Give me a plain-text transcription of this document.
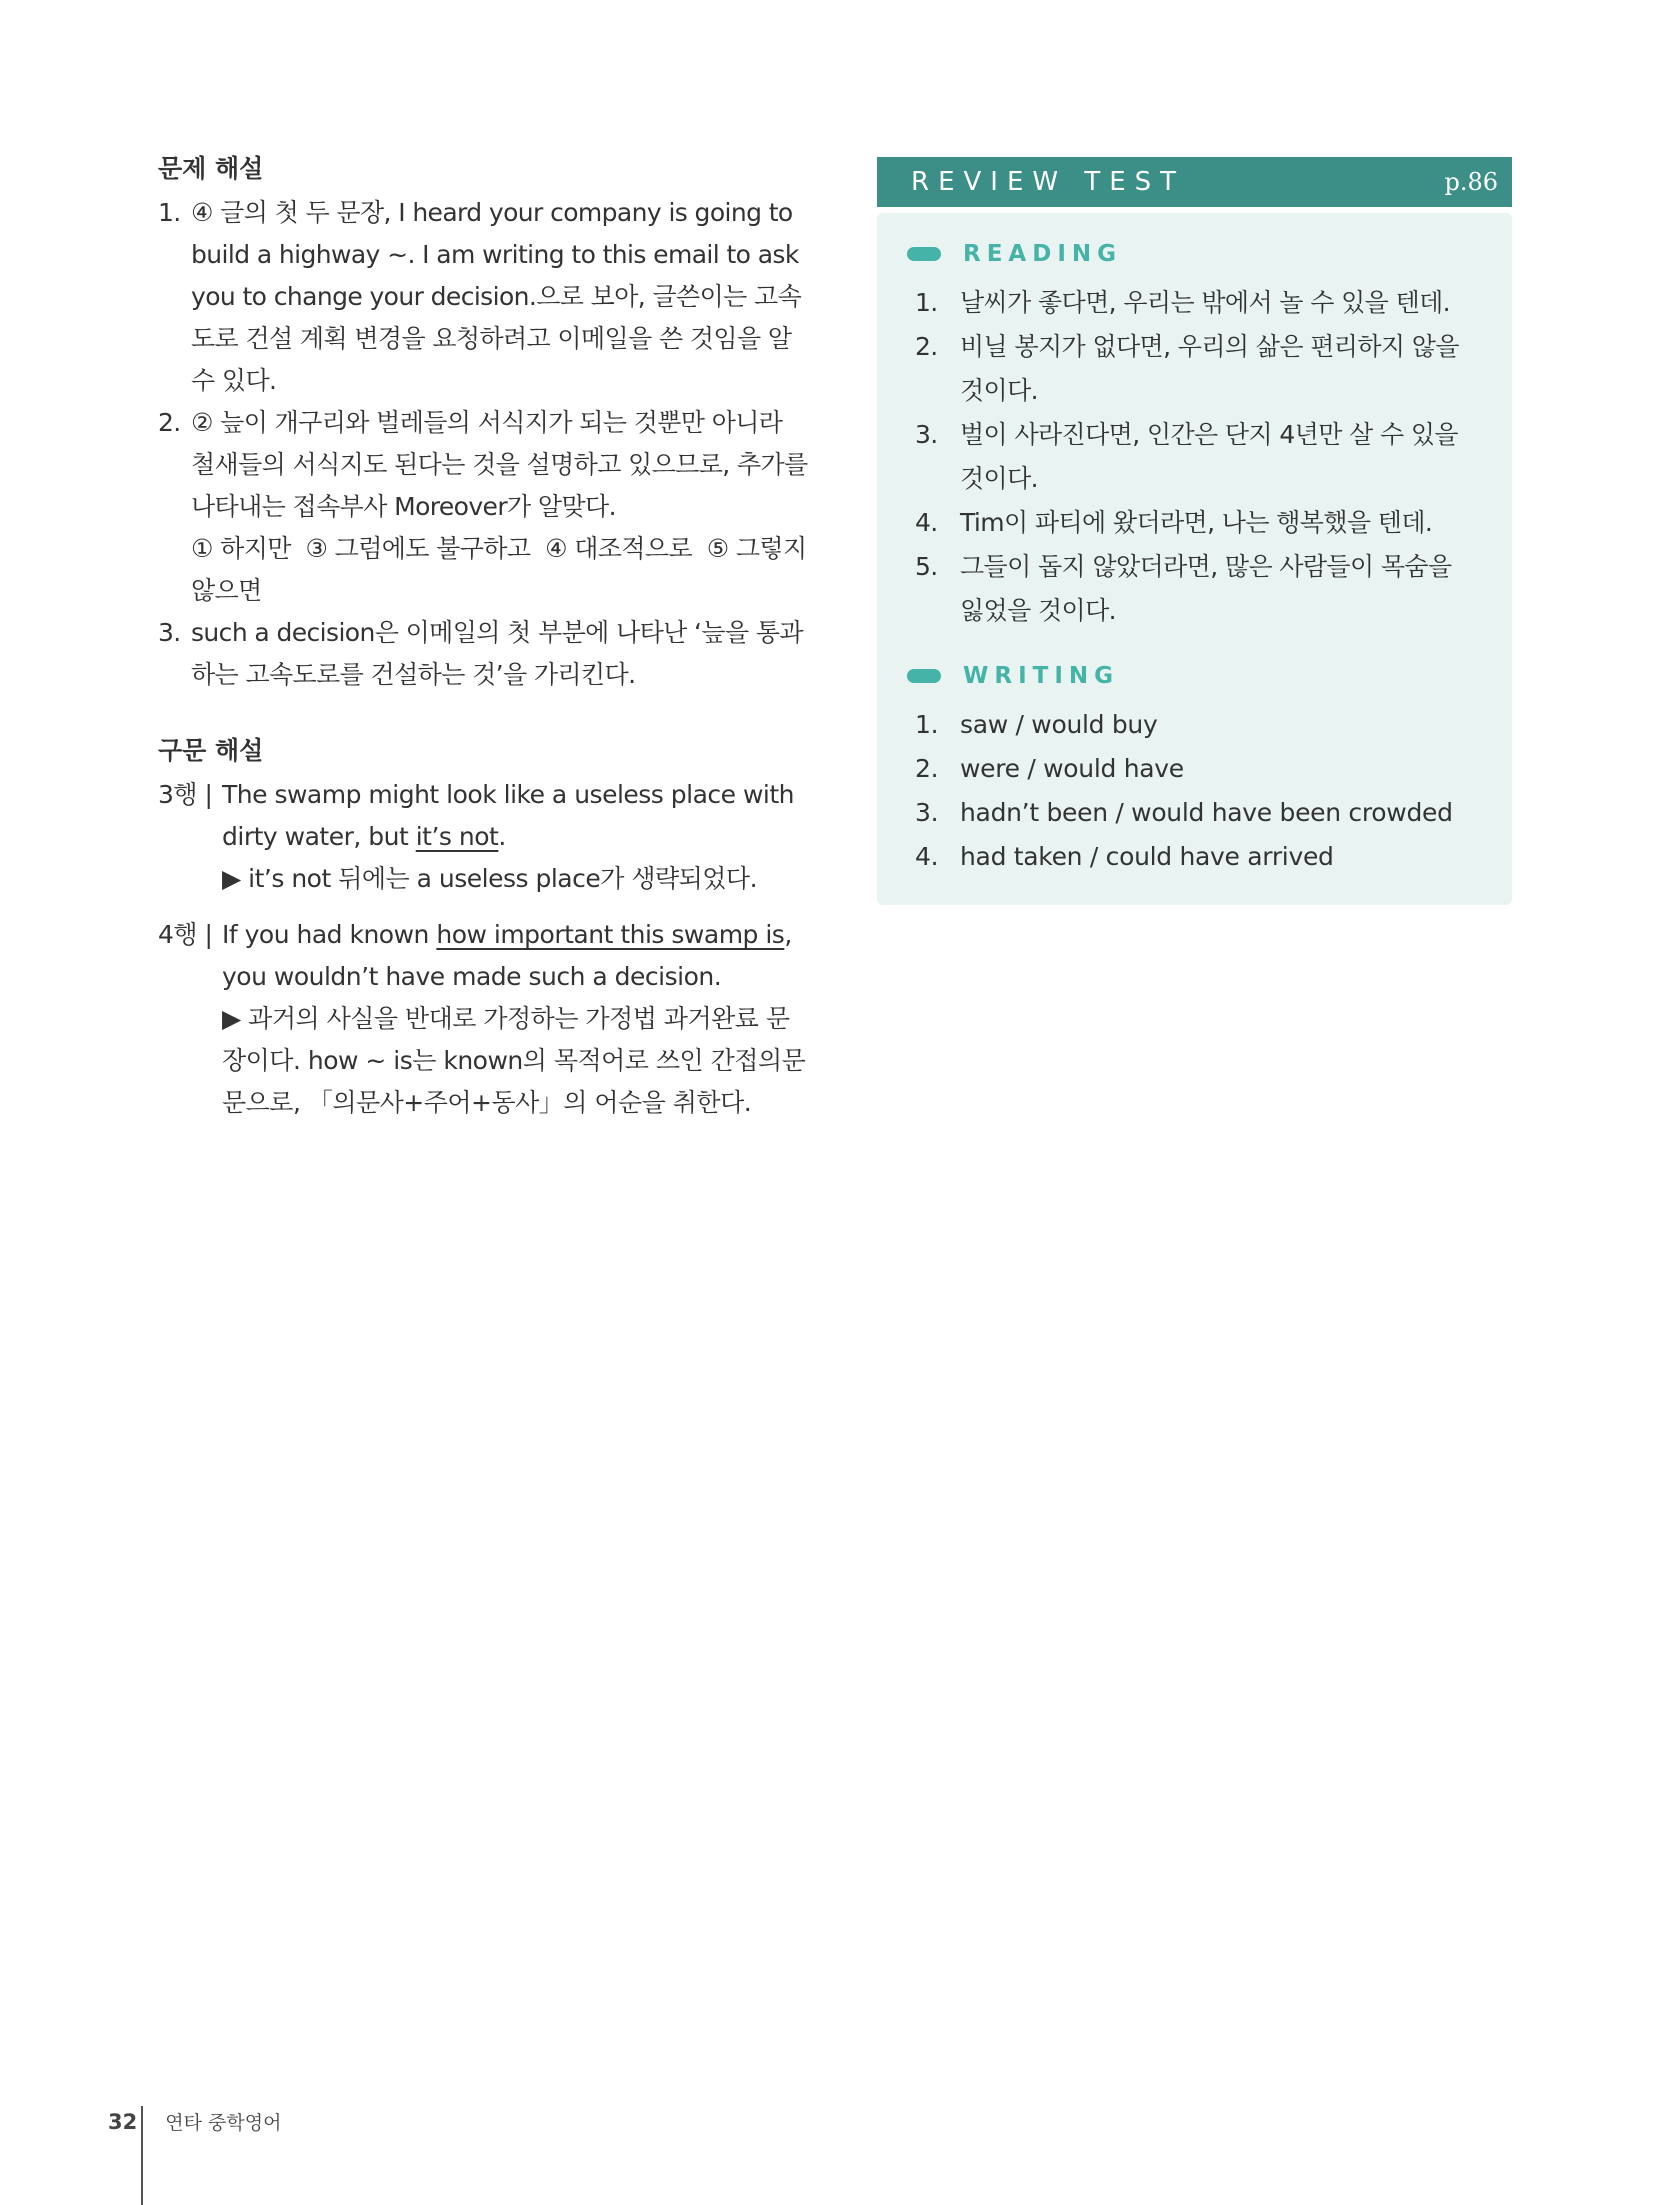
문제 해설
1. ④ 글의 첫 두 문장, I heard your company is going to build a highway ~. I am writing to this email to ask you to change your decision.으로 보아, 글쓴이는 고속도로 건설 계획 변경을 요청하려고 이메일을 쓴 것임을 알 수 있다.
2. ② 늪이 개구리와 벌레들의 서식지가 되는 것뿐만 아니라 철새들의 서식지도 된다는 것을 설명하고 있으므로, 추가를 나타내는 접속부사 Moreover가 알맞다.
① 하지만  ③ 그럼에도 불구하고  ④ 대조적으로  ⑤ 그렇지 않으면
3. such a decision은 이메일의 첫 부분에 나타난 ‘늪을 통과하는 고속도로를 건설하는 것’을 가리킨다.
구문 해설
3행 | The swamp might look like a useless place with dirty water, but it’s not.
▶ it’s not 뒤에는 a useless place가 생략되었다.
4행 | If you had known how important this swamp is, you wouldn’t have made such a decision.
▶ 과거의 사실을 반대로 가정하는 가정법 과거완료 문장이다. how ~ is는 known의 목적어로 쓰인 간접의문문으로, 「의문사+주어+동사」의 어순을 취한다.
REVIEW TEST	p.86
READING
1. 날씨가 좋다면, 우리는 밖에서 놀 수 있을 텐데.
2. 비닐 봉지가 없다면, 우리의 삶은 편리하지 않을 것이다.
3. 벌이 사라진다면, 인간은 단지 4년만 살 수 있을 것이다.
4. Tim이 파티에 왔더라면, 나는 행복했을 텐데.
5. 그들이 돕지 않았더라면, 많은 사람들이 목숨을 잃었을 것이다.
WRITING
1. saw / would buy
2. were / would have
3. hadn’t been / would have been crowded
4. had taken / could have arrived
32 연타 중학영어
